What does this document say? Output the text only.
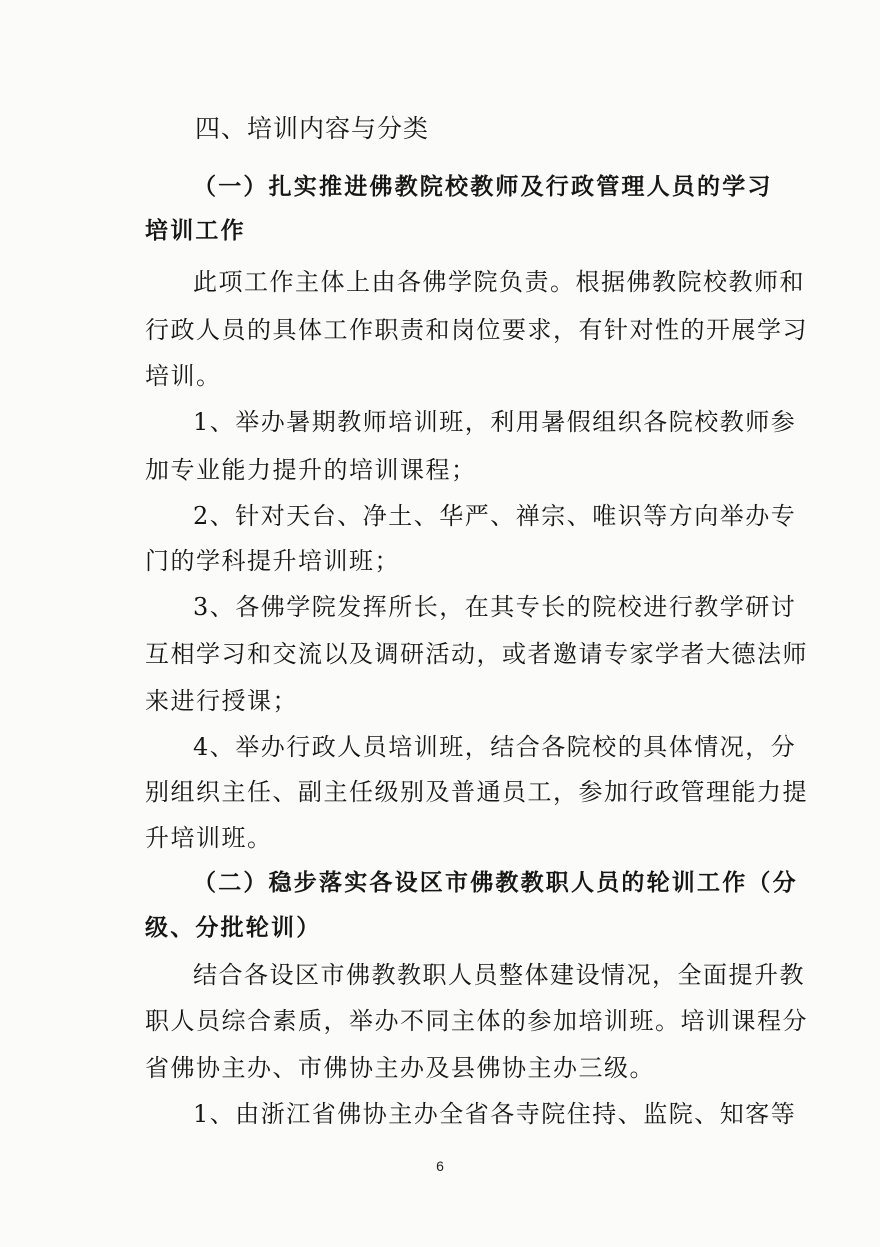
四、培训内容与分类
（一）扎实推进佛教院校教师及行政管理人员的学习
培训工作
此项工作主体上由各佛学院负责。根据佛教院校教师和
行政人员的具体工作职责和岗位要求，有针对性的开展学习
培训。
1、举办暑期教师培训班，利用暑假组织各院校教师参
加专业能力提升的培训课程；
2、针对天台、净土、华严、禅宗、唯识等方向举办专
门的学科提升培训班；
3、各佛学院发挥所长，在其专长的院校进行教学研讨
互相学习和交流以及调研活动，或者邀请专家学者大德法师
来进行授课；
4、举办行政人员培训班，结合各院校的具体情况，分
别组织主任、副主任级别及普通员工，参加行政管理能力提
升培训班。
（二）稳步落实各设区市佛教教职人员的轮训工作（分
级、分批轮训）
结合各设区市佛教教职人员整体建设情况，全面提升教
职人员综合素质，举办不同主体的参加培训班。培训课程分
省佛协主办、市佛协主办及县佛协主办三级。
1、由浙江省佛协主办全省各寺院住持、监院、知客等
6
